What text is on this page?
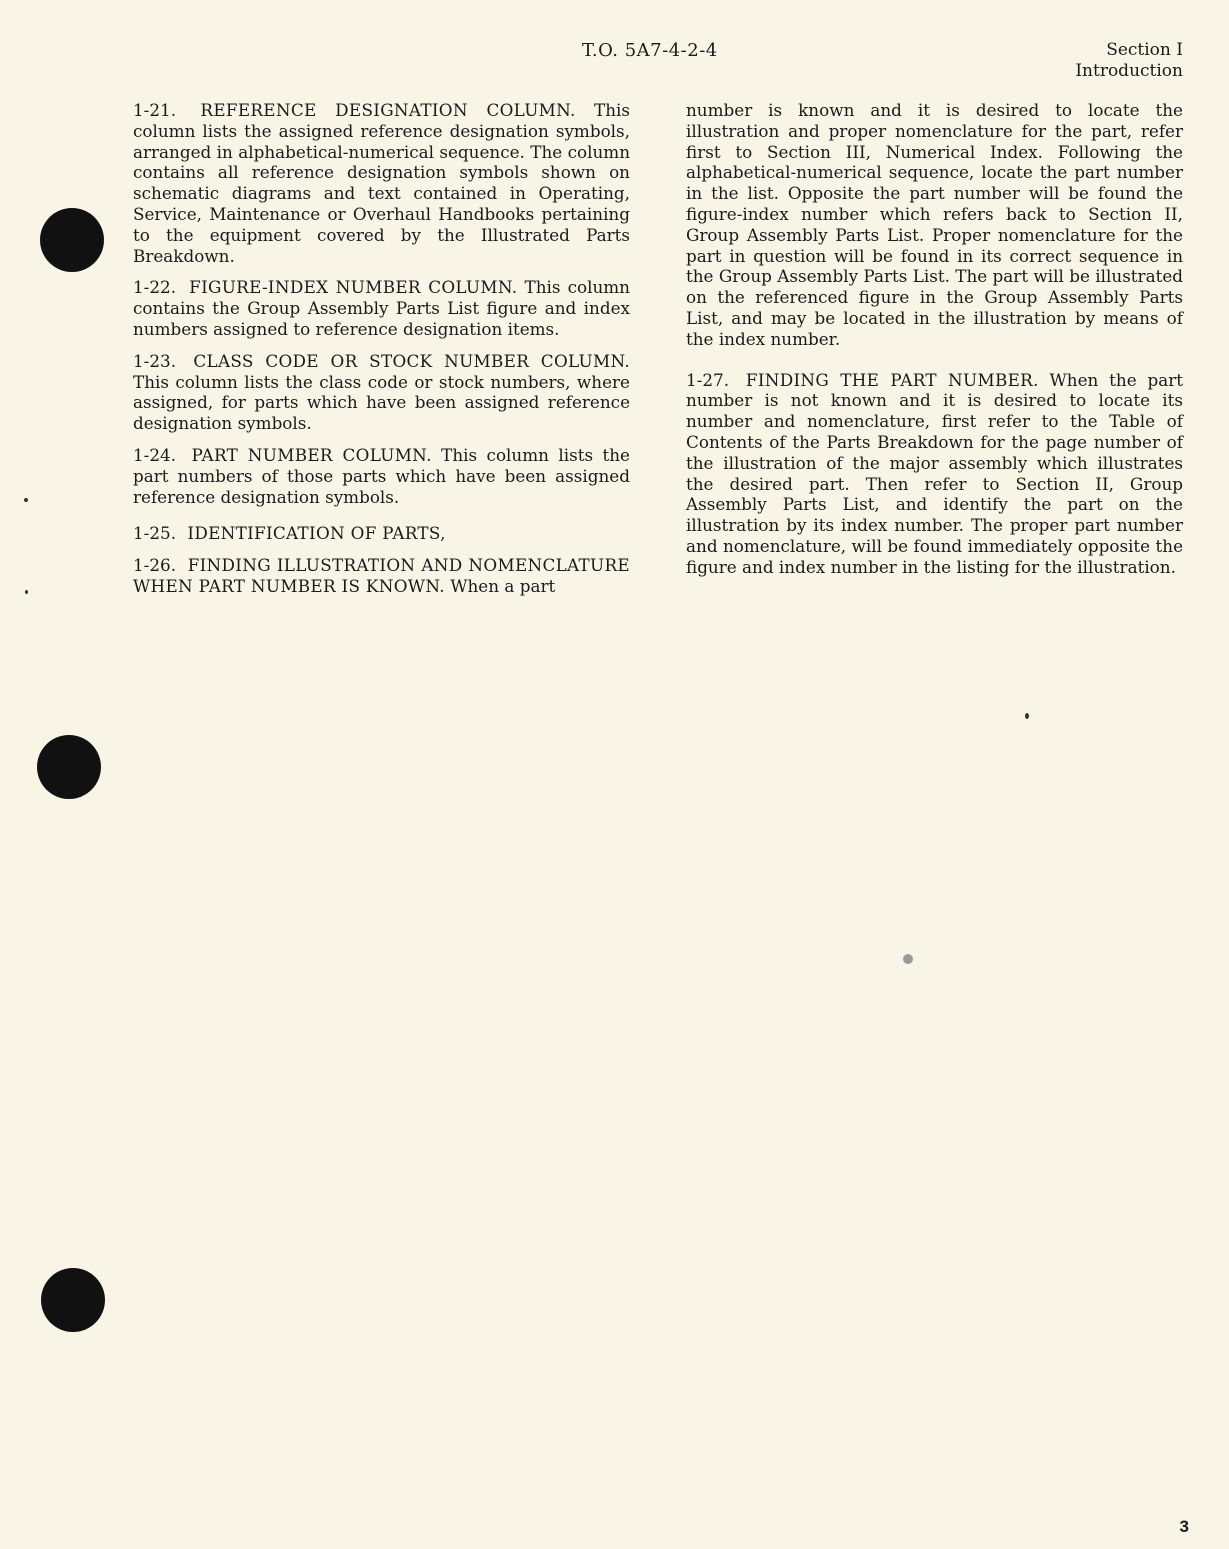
T.O. 5A7-4-2-4	Section I
Introduction

1-21. REFERENCE DESIGNATION COLUMN. This column lists the assigned reference designation symbols, arranged in alphabetical-numerical sequence. The column contains all reference designation symbols shown on schematic diagrams and text contained in Operating, Service, Maintenance or Overhaul Handbooks pertaining to the equipment covered by the Illustrated Parts Breakdown.

1-22. FIGURE-INDEX NUMBER COLUMN. This column contains the Group Assembly Parts List figure and index numbers assigned to reference designation items.

1-23. CLASS CODE OR STOCK NUMBER COLUMN. This column lists the class code or stock numbers, where assigned, for parts which have been assigned reference designation symbols.

1-24. PART NUMBER COLUMN. This column lists the part numbers of those parts which have been assigned reference designation symbols.

1-25. IDENTIFICATION OF PARTS,

1-26. FINDING ILLUSTRATION AND NOMENCLATURE WHEN PART NUMBER IS KNOWN. When a part

number is known and it is desired to locate the illustration and proper nomenclature for the part, refer first to Section III, Numerical Index. Following the alphabetical-numerical sequence, locate the part number in the list. Opposite the part number will be found the figure-index number which refers back to Section II, Group Assembly Parts List. Proper nomenclature for the part in question will be found in its correct sequence in the Group Assembly Parts List. The part will be illustrated on the referenced figure in the Group Assembly Parts List, and may be located in the illustration by means of the index number.

1-27. FINDING THE PART NUMBER. When the part number is not known and it is desired to locate its number and nomenclature, first refer to the Table of Contents of the Parts Breakdown for the page number of the illustration of the major assembly which illustrates the desired part. Then refer to Section II, Group Assembly Parts List, and identify the part on the illustration by its index number. The proper part number and nomenclature, will be found immediately opposite the figure and index number in the listing for the illustration.

3
